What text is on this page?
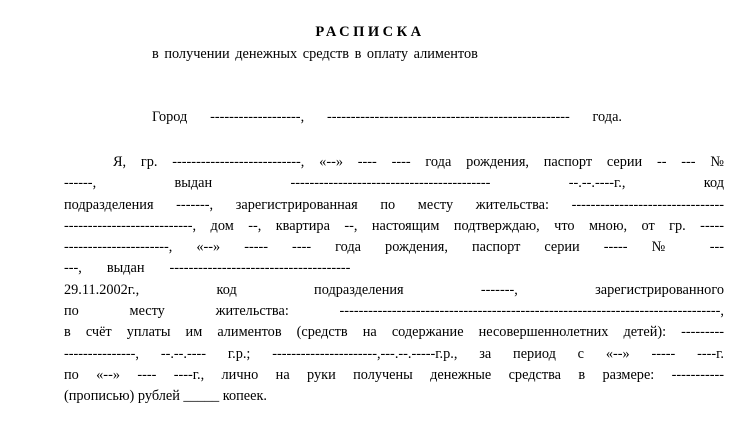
РАСПИСКА
в получении денежных средств в оплату алиментов
Город -------------------, --------------------------------------------------- года.
Я, гр. ---------------------------, «--» ---- ---- года рождения, паспорт серии -- --- №
------, выдан ------------------------------------------ --.--.----г., код
подразделения -------, зарегистрированная по месту жительства: --------------------------------
---------------------------, дом --, квартира --, настоящим подтверждаю, что мною, от гр. -----
----------------------, «--» ----- ---- года рождения, паспорт серии ----- № ---
---,       выдан       --------------------------------------
29.11.2002г., код подразделения -------, зарегистрированного
по месту жительства: --------------------------------------------------------------------------------,
в счёт уплаты им алиментов (средств на содержание несовершеннолетних детей): ---------
---------------, --.--.---- г.р.; ----------------------,---.--.-----г.р., за период с «--» ----- ----г.
по «--» ---- ----г., лично на руки получены денежные средства в размере: -----------
(прописью) рублей _____ копеек.
